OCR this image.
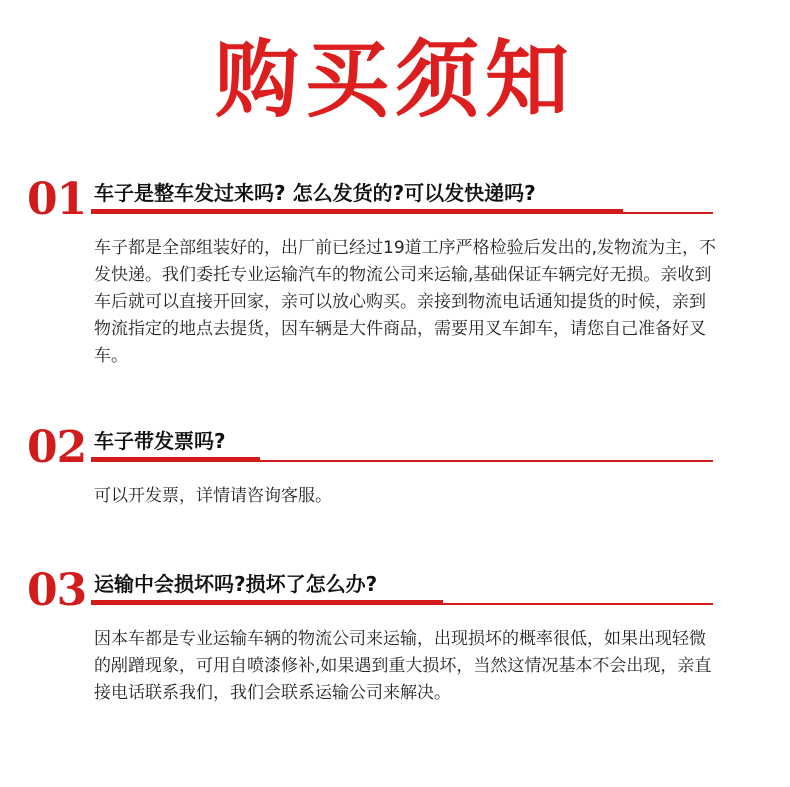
购买须知
01 车子是整车发过来吗? 怎么发货的?可以发快递吗?
车子都是全部组装好的，出厂前已经过19道工序严格检验后发出的,发物流为主，不发快递。我们委托专业运输汽车的物流公司来运输,基础保证车辆完好无损。亲收到车后就可以直接开回家，亲可以放心购买。亲接到物流电话通知提货的时候，亲到物流指定的地点去提货，因车辆是大件商品，需要用叉车卸车，请您自己准备好叉车。
02 车子带发票吗?
可以开发票，详情请咨询客服。
03 运输中会损坏吗?损坏了怎么办?
因本车都是专业运输车辆的物流公司来运输，出现损坏的概率很低，如果出现轻微的剐蹭现象，可用自喷漆修补,如果遇到重大损坏，当然这情况基本不会出现，亲直接电话联系我们，我们会联系运输公司来解决。
